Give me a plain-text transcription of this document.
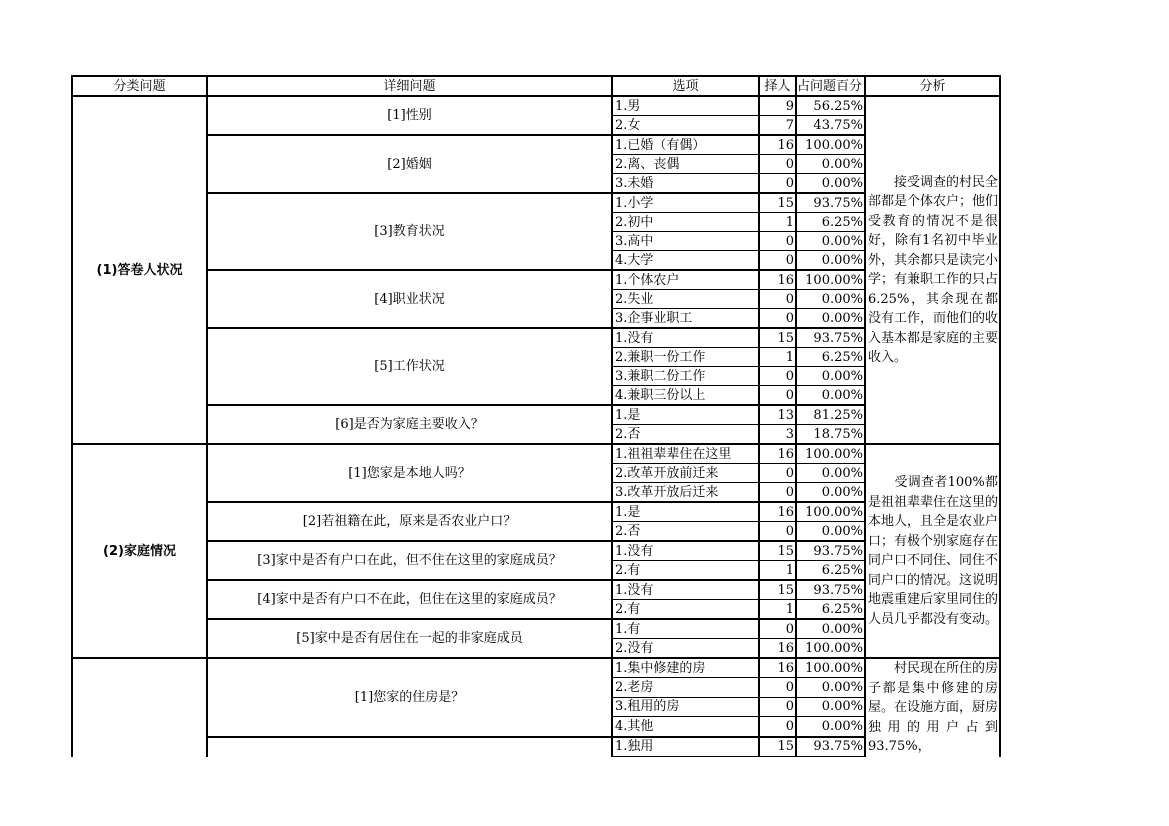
分类问题	详细问题	选项	择人	占问题百分	分析
(1)答卷人状况	[1]性别	1.男	9	56.25%	　　接受调查的村民全部都是个体农户；他们受教育的情况不是很好，除有1名初中毕业外，其余都只是读完小学；有兼职工作的只占6.25%，其余现在都没有工作，而他们的收入基本都是家庭的主要收入。
		2.女	7	43.75%	
	[2]婚姻	1.已婚（有偶）	16	100.00%	
		2.离、丧偶	0	0.00%	
		3.未婚	0	0.00%	
	[3]教育状况	1.小学	15	93.75%	
		2.初中	1	6.25%	
		3.高中	0	0.00%	
		4.大学	0	0.00%	
	[4]职业状况	1.个体农户	16	100.00%	
		2.失业	0	0.00%	
		3.企事业职工	0	0.00%	
	[5]工作状况	1.没有	15	93.75%	
		2.兼职一份工作	1	6.25%	
		3.兼职二份工作	0	0.00%	
		4.兼职三份以上	0	0.00%	
	[6]是否为家庭主要收入？	1.是	13	81.25%	
		2.否	3	18.75%	
(2)家庭情况	[1]您家是本地人吗？	1.祖祖辈辈住在这里	16	100.00%	　　受调查者100%都是祖祖辈辈住在这里的本地人，且全是农业户口；有极个别家庭存在同户口不同住、同住不同户口的情况。这说明地震重建后家里同住的人员几乎都没有变动。
		2.改革开放前迁来	0	0.00%	
		3.改革开放后迁来	0	0.00%	
	[2]若祖籍在此，原来是否农业户口？	1.是	16	100.00%	
		2.否	0	0.00%	
	[3]家中是否有户口在此，但不住在这里的家庭成员？	1.没有	15	93.75%	
		2.有	1	6.25%	
	[4]家中是否有户口不在此，但住在这里的家庭成员？	1.没有	15	93.75%	
		2.有	1	6.25%	
	[5]家中是否有居住在一起的非家庭成员	1.有	0	0.00%	
		2.没有	16	100.00%	
	[1]您家的住房是？	1.集中修建的房	16	100.00%	　　村民现在所住的房子都是集中修建的房屋。在设施方面，厨房独用的用户占到93.75%，
		2.老房	0	0.00%	
		3.租用的房	0	0.00%	
		4.其他	0	0.00%	
		1.独用	15	93.75%	
